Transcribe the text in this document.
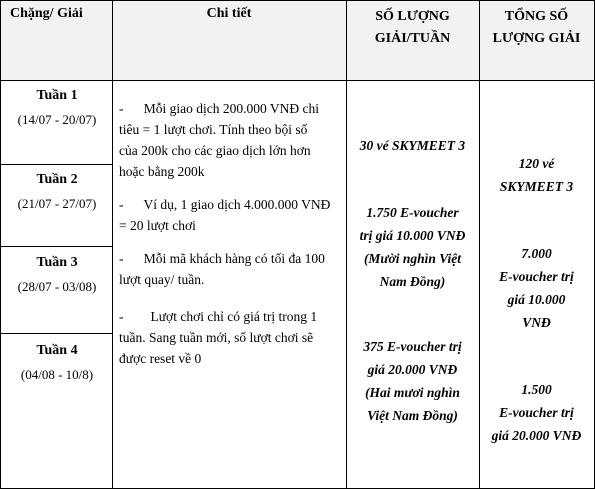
Chặng/ Giải	Chi tiết	SỐ LƯỢNG
GIẢI/TUẦN
TỔNG SỐ
LƯỢNG GIẢI
Tuần 1
(14/07 - 20/07)
Tuần 2
(21/07 - 27/07)
Tuần 3
(28/07 - 03/08)
Tuần 4
(04/08 - 10/8)

-      Mỗi giao dịch 200.000 VNĐ chi

tiêu = 1 lượt chơi. Tính theo bội số

của 200k cho các giao dịch lớn hơn

hoặc bằng 200k

-      Ví dụ, 1 giao dịch 4.000.000 VNĐ

= 20 lượt chơi

-      Mỗi mã khách hàng có tối đa 100

lượt quay/ tuần.

-        Lượt chơi chỉ có giá trị trong 1

tuần. Sang tuần mới, số lượt chơi sẽ

được reset về 0

30 vé SKYMEET 3
1.750 E-voucher
trị giá 10.000 VNĐ
(Mười nghìn Việt
Nam Đồng)
375 E-voucher trị
giá 20.000 VNĐ
(Hai mươi nghìn
Việt Nam Đồng)
120 vé
SKYMEET 3
7.000
E-voucher trị
giá 10.000
VNĐ
1.500
E-voucher trị
giá 20.000 VNĐ
